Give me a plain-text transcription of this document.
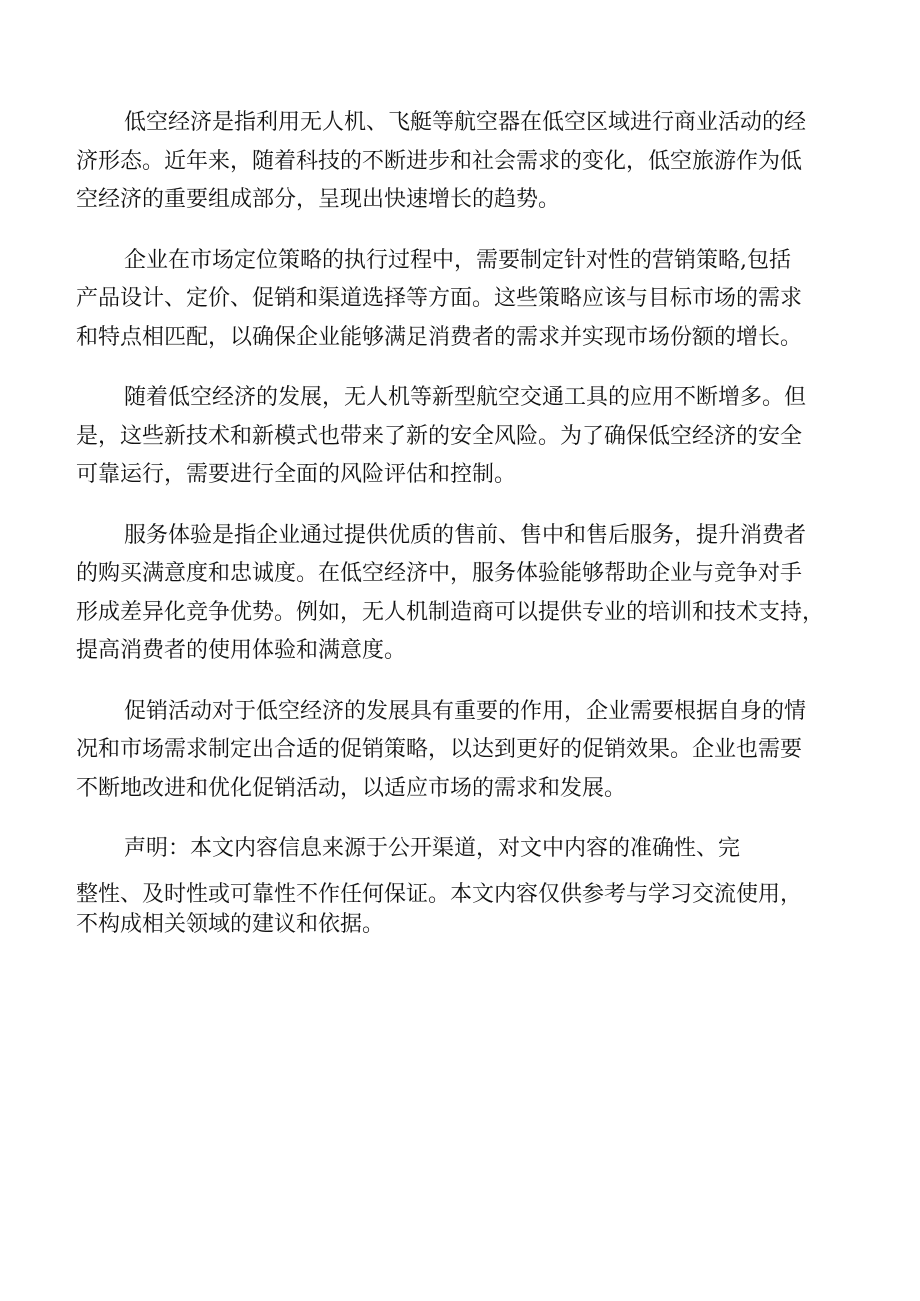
低空经济是指利用无人机、飞艇等航空器在低空区域进行商业活动的经
济形态。近年来，随着科技的不断进步和社会需求的变化，低空旅游作为低
空经济的重要组成部分，呈现出快速增长的趋势。
企业在市场定位策略的执行过程中，需要制定针对性的营销策略,包括
产品设计、定价、促销和渠道选择等方面。这些策略应该与目标市场的需求
和特点相匹配，以确保企业能够满足消费者的需求并实现市场份额的增长。
随着低空经济的发展，无人机等新型航空交通工具的应用不断增多。但
是，这些新技术和新模式也带来了新的安全风险。为了确保低空经济的安全
可靠运行，需要进行全面的风险评估和控制。
服务体验是指企业通过提供优质的售前、售中和售后服务，提升消费者
的购买满意度和忠诚度。在低空经济中，服务体验能够帮助企业与竞争对手
形成差异化竞争优势。例如，无人机制造商可以提供专业的培训和技术支持，
提高消费者的使用体验和满意度。
促销活动对于低空经济的发展具有重要的作用，企业需要根据自身的情
况和市场需求制定出合适的促销策略，以达到更好的促销效果。企业也需要
不断地改进和优化促销活动，以适应市场的需求和发展。
声明：本文内容信息来源于公开渠道，对文中内容的准确性、完
整性、及时性或可靠性不作任何保证。本文内容仅供参考与学习交流使用，
不构成相关领域的建议和依据。
